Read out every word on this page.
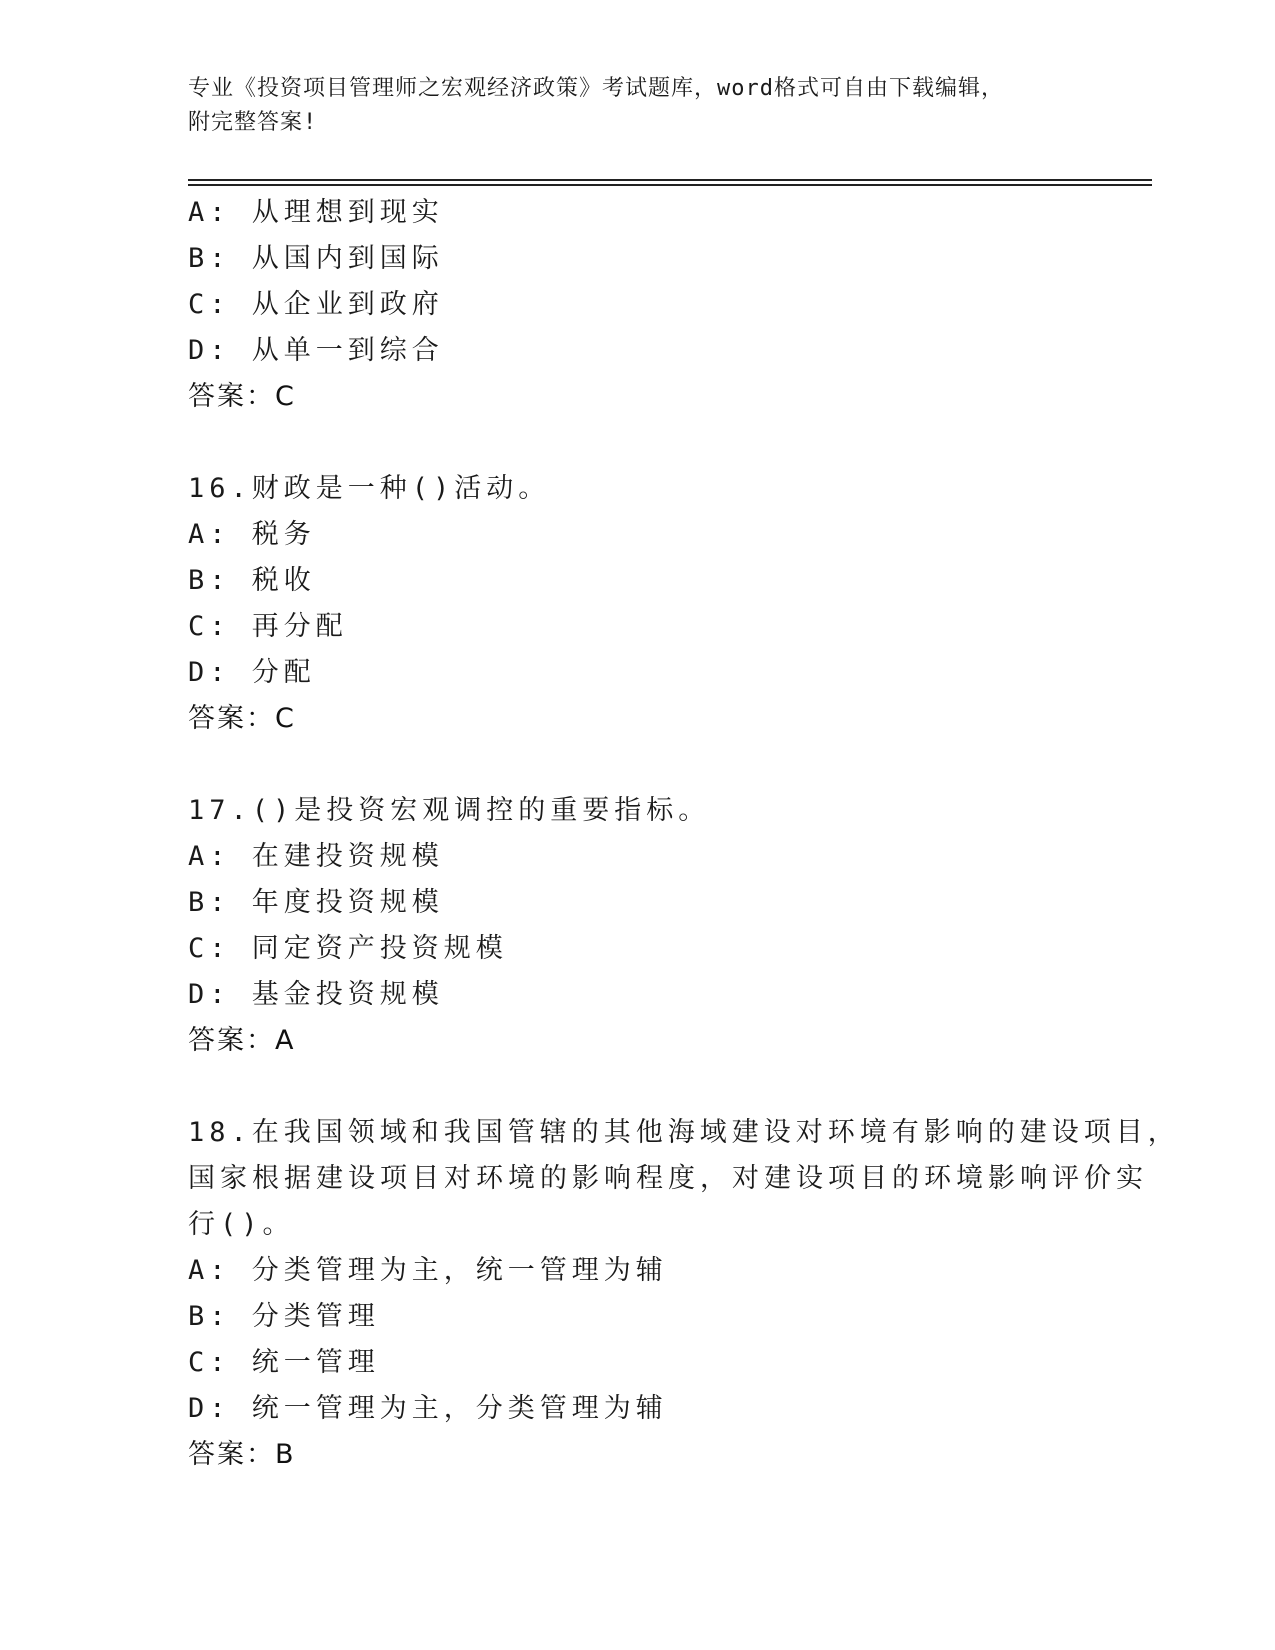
专业《投资项目管理师之宏观经济政策》考试题库，word格式可自由下载编辑，
附完整答案!
A: 从理想到现实
B: 从国内到国际
C: 从企业到政府
D: 从单一到综合
答案：C
16.财政是一种()活动。
A: 税务
B: 税收
C: 再分配
D: 分配
答案：C
17.()是投资宏观调控的重要指标。
A: 在建投资规模
B: 年度投资规模
C: 同定资产投资规模
D: 基金投资规模
答案：A
18.在我国领域和我国管辖的其他海域建设对环境有影响的建设项目，
国家根据建设项目对环境的影响程度，对建设项目的环境影响评价实
行()。
A: 分类管理为主，统一管理为辅
B: 分类管理
C: 统一管理
D: 统一管理为主，分类管理为辅
答案：B
